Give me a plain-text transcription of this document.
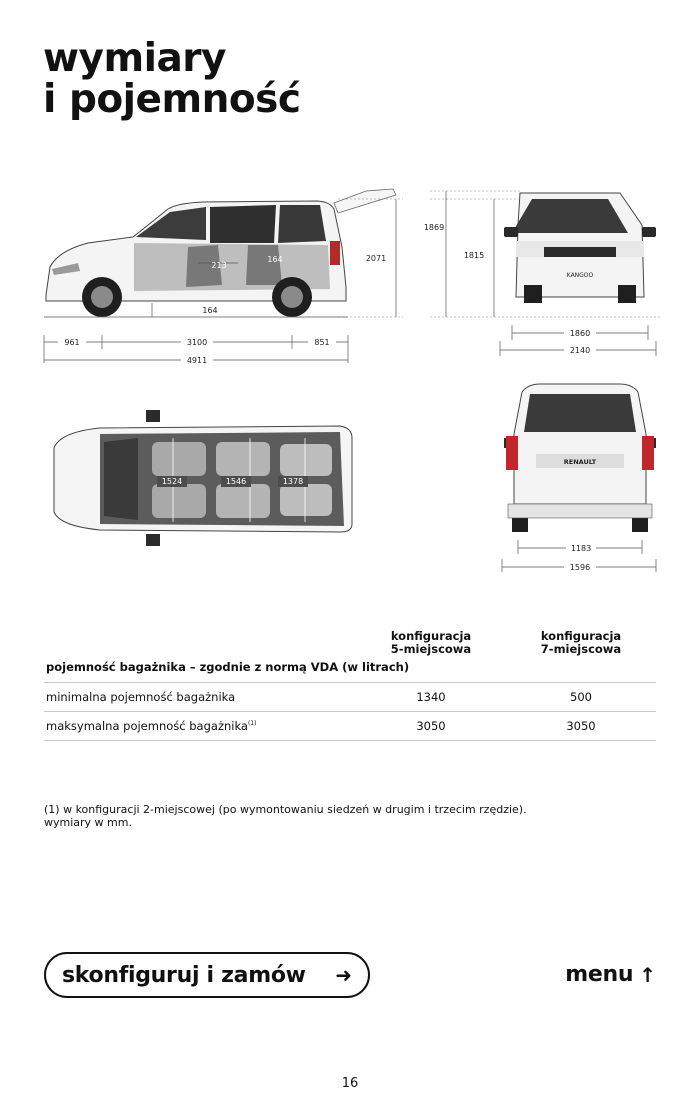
wymiary
i pojemność
2071
164
961	3100	851
4911
213
164
KANGOO
1869
1815
1860
2140
1524	1546	1378
RENAULT
1183
1596
pojemność bagażnika – zgodnie z normą VDA (w litrach)
konfiguracja
5-miejscowa
konfiguracja
7-miejscowa
minimalna pojemność bagażnika	1340	500
maksymalna pojemność bagażnika$^{(1)}$	3050	3050

(1) w konfiguracji 2-miejscowej (po wymontowaniu siedzeń w drugim i trzecim rzędzie).

wymiary w mm.

skonfiguruj i zamów ➜	menu ↑
16
